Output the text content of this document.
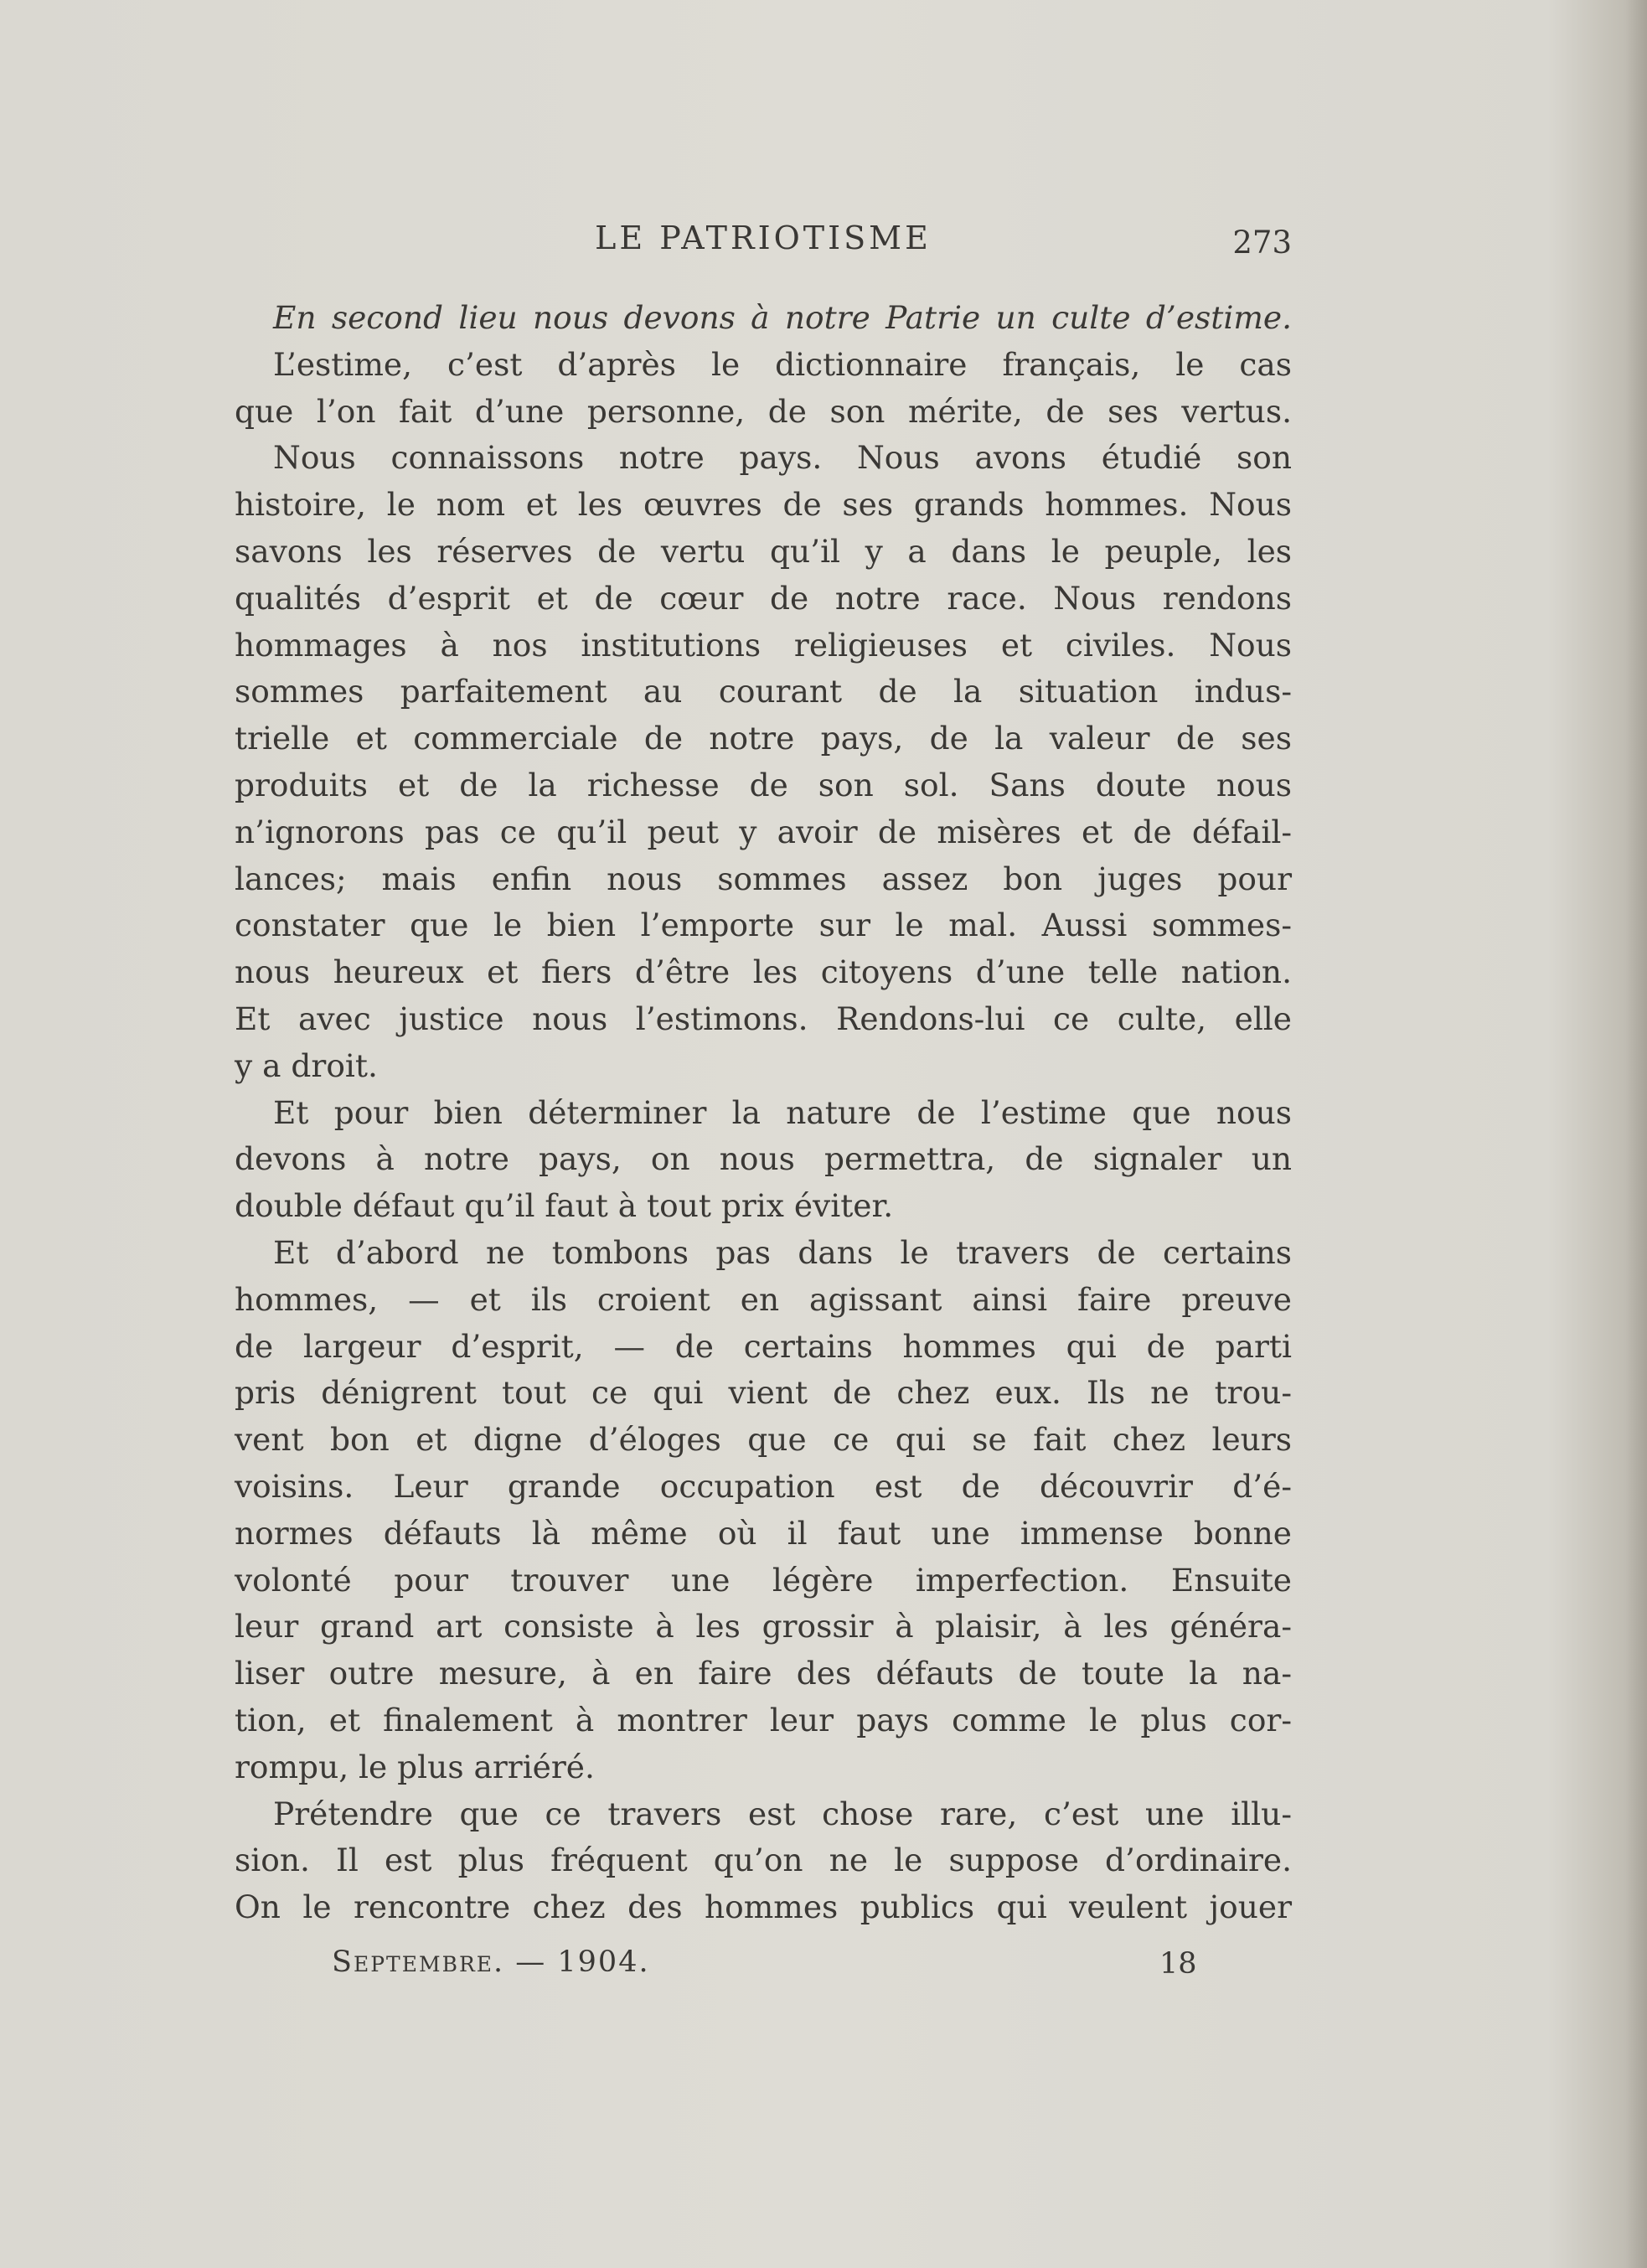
LE PATRIOTISME	273
En second lieu nous devons à notre Patrie un culte d’estime.
L’estime, c’est d’après le dictionnaire français, le cas
que l’on fait d’une personne, de son mérite, de ses vertus.
Nous connaissons notre pays. Nous avons étudié son
histoire, le nom et les œuvres de ses grands hommes. Nous
savons les réserves de vertu qu’il y a dans le peuple, les
qualités d’esprit et de cœur de notre race. Nous rendons
hommages à nos institutions religieuses et civiles. Nous
sommes parfaitement au courant de la situation indus-
trielle et commerciale de notre pays, de la valeur de ses
produits et de la richesse de son sol. Sans doute nous
n’ignorons pas ce qu’il peut y avoir de misères et de défail-
lances; mais enfin nous sommes assez bon juges pour
constater que le bien l’emporte sur le mal. Aussi sommes-
nous heureux et fiers d’être les citoyens d’une telle nation.
Et avec justice nous l’estimons. Rendons-lui ce culte, elle
y a droit.
Et pour bien déterminer la nature de l’estime que nous
devons à notre pays, on nous permettra, de signaler un
double défaut qu’il faut à tout prix éviter.
Et d’abord ne tombons pas dans le travers de certains
hommes, — et ils croient en agissant ainsi faire preuve
de largeur d’esprit, — de certains hommes qui de parti
pris dénigrent tout ce qui vient de chez eux. Ils ne trou-
vent bon et digne d’éloges que ce qui se fait chez leurs
voisins. Leur grande occupation est de découvrir d’é-
normes défauts là même où il faut une immense bonne
volonté pour trouver une légère imperfection. Ensuite
leur grand art consiste à les grossir à plaisir, à les généra-
liser outre mesure, à en faire des défauts de toute la na-
tion, et finalement à montrer leur pays comme le plus cor-
rompu, le plus arriéré.
Prétendre que ce travers est chose rare, c’est une illu-
sion. Il est plus fréquent qu’on ne le suppose d’ordinaire.
On le rencontre chez des hommes publics qui veulent jouer
Septembre. — 1904.	18
